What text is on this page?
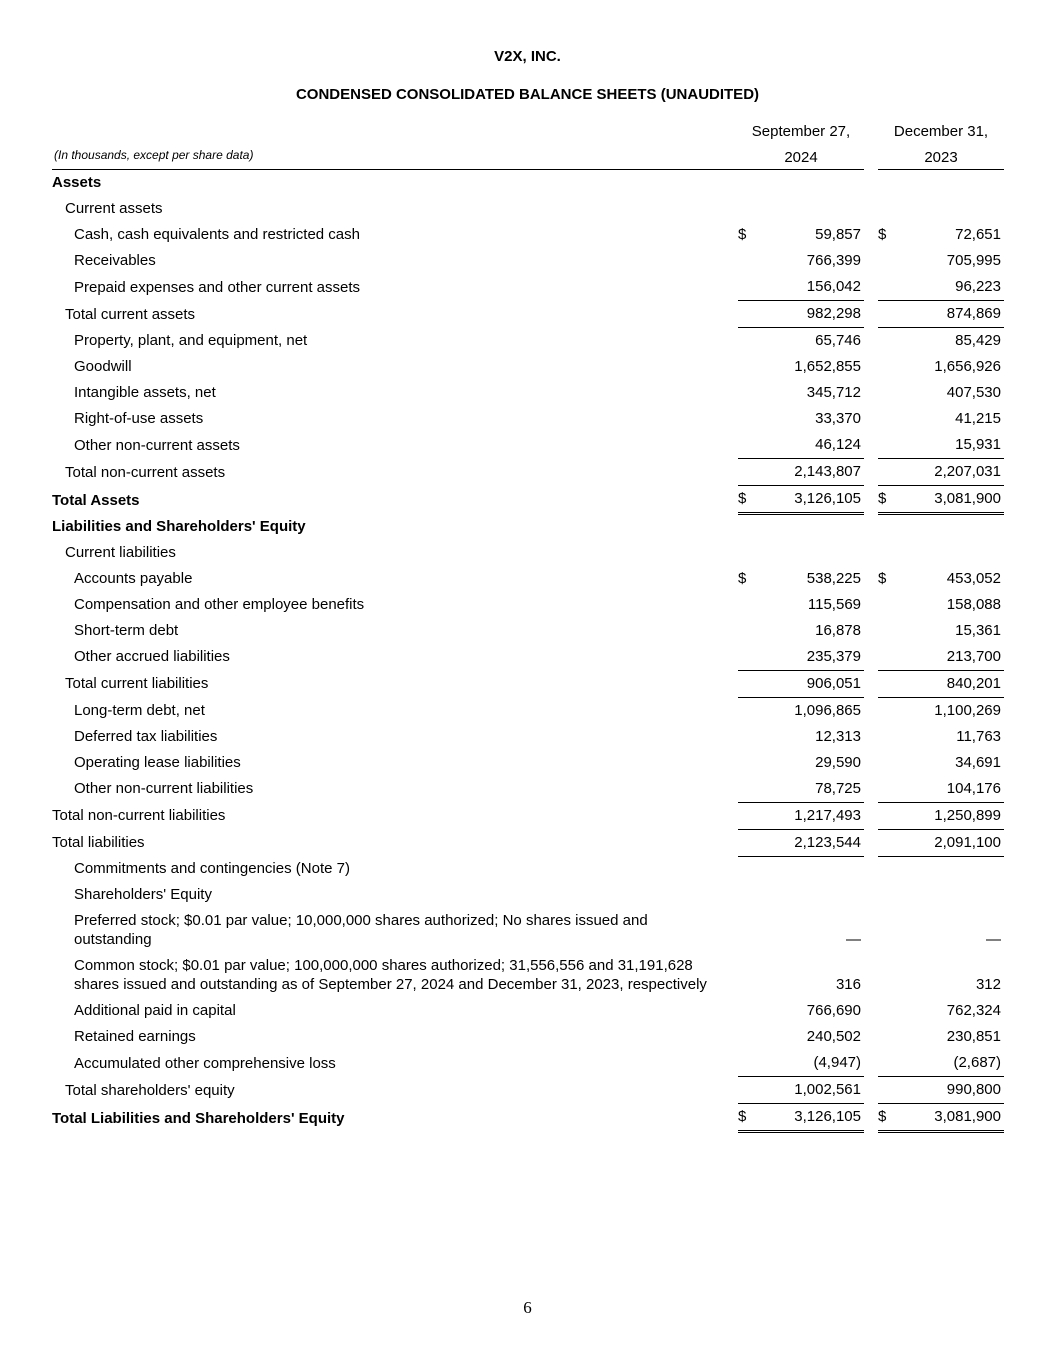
V2X, INC.
CONDENSED CONSOLIDATED BALANCE SHEETS (UNAUDITED)
	September 27,			December 31,	
(In thousands, except per share data)	2024			2023	
Assets					
Current assets					
Cash, cash equivalents and restricted cash	$	59,857		$	72,651
Receivables		766,399			705,995
Prepaid expenses and other current assets		156,042			96,223
Total current assets		982,298			874,869
Property, plant, and equipment, net		65,746			85,429
Goodwill		1,652,855			1,656,926
Intangible assets, net		345,712			407,530
Right-of-use assets		33,370			41,215
Other non-current assets		46,124			15,931
Total non-current assets		2,143,807			2,207,031
Total Assets	$	3,126,105		$	3,081,900
Liabilities and Shareholders' Equity					
Current liabilities					
Accounts payable	$	538,225		$	453,052
Compensation and other employee benefits		115,569			158,088
Short-term debt		16,878			15,361
Other accrued liabilities		235,379			213,700
Total current liabilities		906,051			840,201
Long-term debt, net		1,096,865			1,100,269
Deferred tax liabilities		12,313			11,763
Operating lease liabilities		29,590			34,691
Other non-current liabilities		78,725			104,176
Total non-current liabilities		1,217,493			1,250,899
Total liabilities		2,123,544			2,091,100
Commitments and contingencies (Note 7)					
Shareholders' Equity					
Preferred stock; $0.01 par value; 10,000,000 shares authorized; No shares issued and outstanding		—			—
Common stock; $0.01 par value; 100,000,000 shares authorized; 31,556,556 and 31,191,628 shares issued and outstanding as of September 27, 2024 and December 31, 2023, respectively		316			312
Additional paid in capital		766,690			762,324
Retained earnings		240,502			230,851
Accumulated other comprehensive loss		(4,947)			(2,687)
Total shareholders' equity		1,002,561			990,800
Total Liabilities and Shareholders' Equity	$	3,126,105		$	3,081,900
6
